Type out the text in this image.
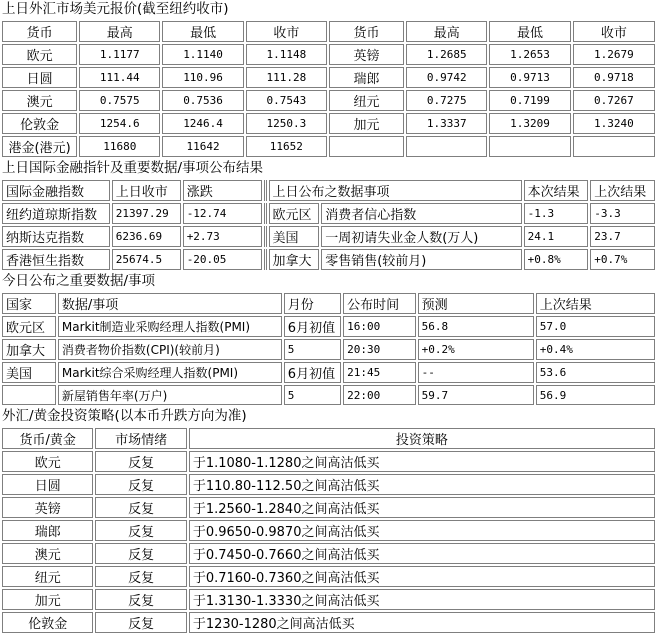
上日外汇市场美元报价(截至纽约收市)
货币	最高	最低	收市	货币	最高	最低	收市
欧元	1.1177	1.1140	1.1148	英镑	1.2685	1.2653	1.2679
日圆	111.44	110.96	111.28	瑞郎	0.9742	0.9713	0.9718
澳元	0.7575	0.7536	0.7543	纽元	0.7275	0.7199	0.7267
伦敦金	1254.6	1246.4	1250.3	加元	1.3337	1.3209	1.3240
港金(港元)	11680	11642	11652				
上日国际金融指针及重要数据/事项公布结果
国际金融指数	上日收市	涨跌		上日公布之数据事项		本次结果	上次结果
纽约道琼斯指数	21397.29	-12.74		欧元区	消费者信心指数	-1.3	-3.3
纳斯达克指数	6236.69	+2.73		美国	一周初请失业金人数(万人)	24.1	23.7
香港恒生指数	25674.5	-20.05		加拿大	零售销售(较前月)	+0.8%	+0.7%
今日公布之重要数据/事项
国家	数据/事项	月份	公布时间	预测	上次结果
欧元区	Markit制造业采购经理人指数(PMI)	6月初值	16:00	56.8	57.0
加拿大	消费者物价指数(CPI)(较前月)	5	20:30	+0.2%	+0.4%
美国	Markit综合采购经理人指数(PMI)	6月初值	21:45	--	53.6
	新屋销售年率(万户)	5	22:00	59.7	56.9
外汇/黄金投资策略(以本币升跌方向为准)
货币/黄金	市场情绪	投资策略
欧元	反复	于1.1080-1.1280之间高沽低买
日圆	反复	于110.80-112.50之间高沽低买
英镑	反复	于1.2560-1.2840之间高沽低买
瑞郎	反复	于0.9650-0.9870之间高沽低买
澳元	反复	于0.7450-0.7660之间高沽低买
纽元	反复	于0.7160-0.7360之间高沽低买
加元	反复	于1.3130-1.3330之间高沽低买
伦敦金	反复	于1230-1280之间高沽低买
